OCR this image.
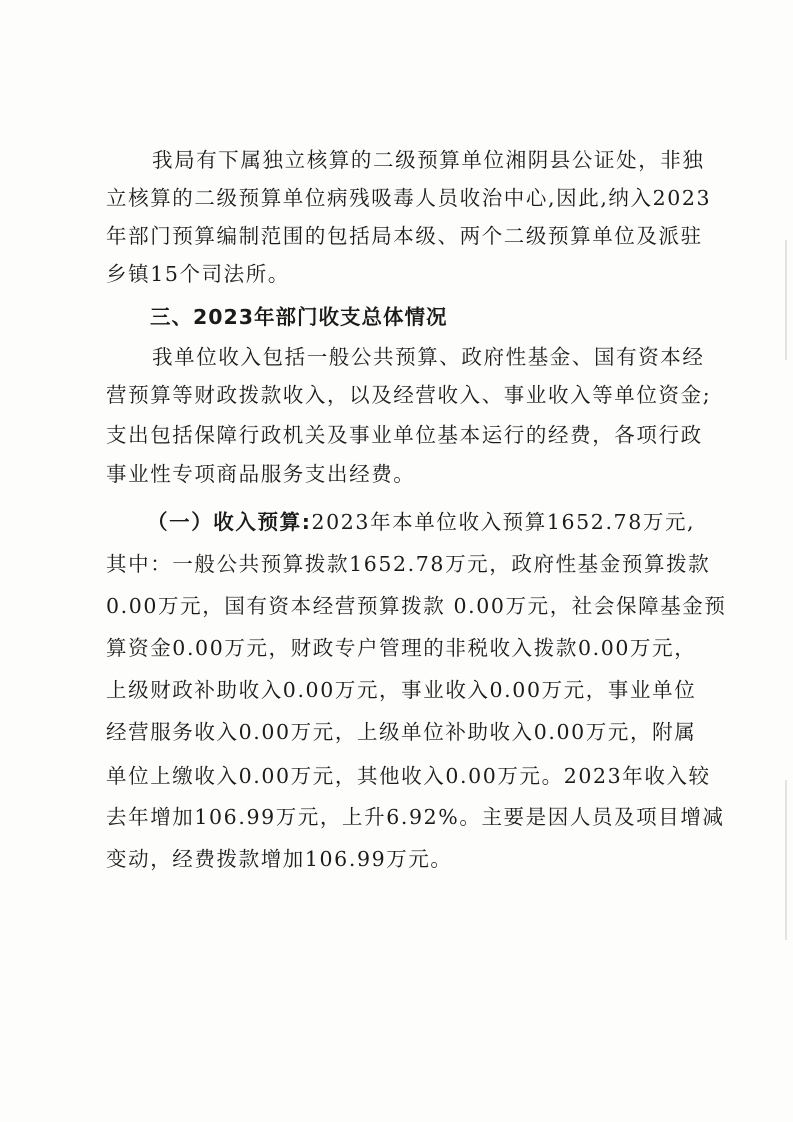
我局有下属独立核算的二级预算单位湘阴县公证处，非独
立核算的二级预算单位病残吸毒人员收治中心,因此,纳入2023
年部门预算编制范围的包括局本级、两个二级预算单位及派驻
乡镇15个司法所。
三、2023年部门收支总体情况
我单位收入包括一般公共预算、政府性基金、国有资本经
营预算等财政拨款收入，以及经营收入、事业收入等单位资金;
支出包括保障行政机关及事业单位基本运行的经费，各项行政
事业性专项商品服务支出经费。
（一）收入预算:2023年本单位收入预算1652.78万元,
其中：一般公共预算拨款1652.78万元，政府性基金预算拨款
0.00万元，国有资本经营预算拨款 0.00万元，社会保障基金预
算资金0.00万元，财政专户管理的非税收入拨款0.00万元，
上级财政补助收入0.00万元，事业收入0.00万元，事业单位
经营服务收入0.00万元，上级单位补助收入0.00万元，附属
单位上缴收入0.00万元，其他收入0.00万元。2023年收入较
去年增加106.99万元，上升6.92%。主要是因人员及项目增减
变动，经费拨款增加106.99万元。
